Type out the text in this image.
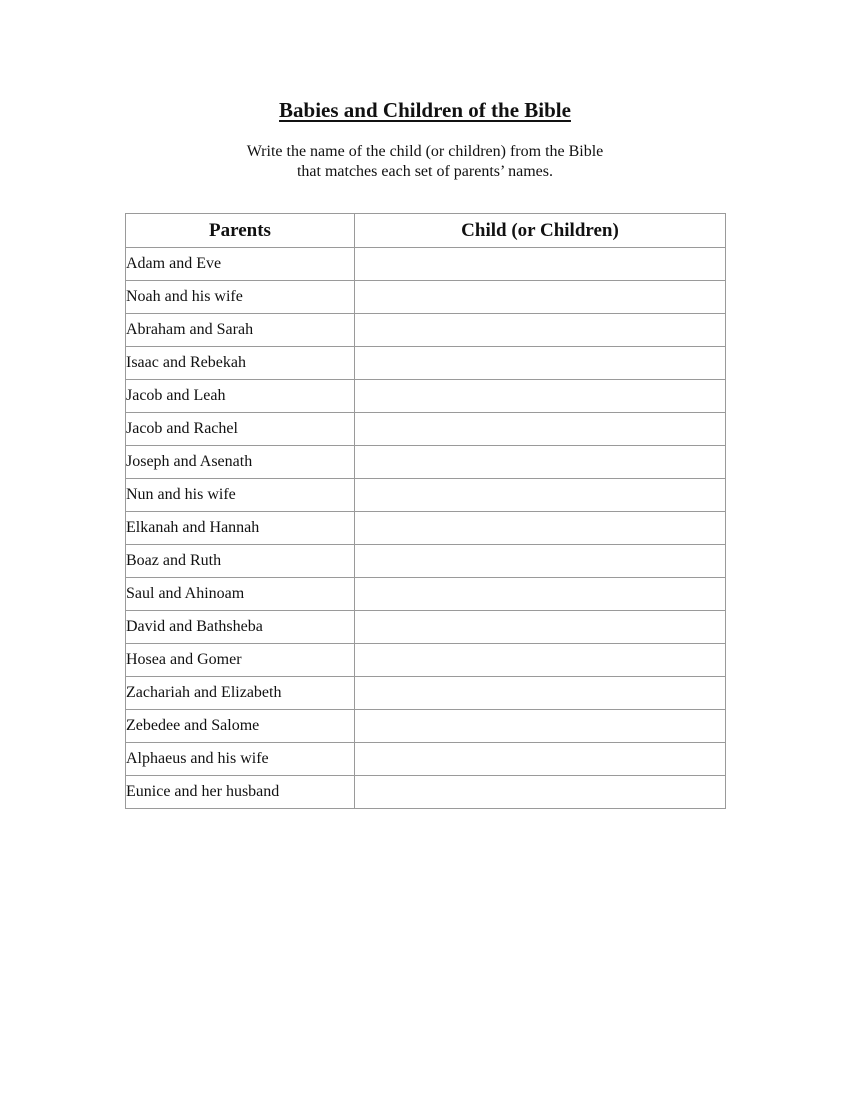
Babies and Children of the Bible
Write the name of the child (or children) from the Bible
that matches each set of parents’ names.
Parents	Child (or Children)
Adam and Eve	
Noah and his wife	
Abraham and Sarah	
Isaac and Rebekah	
Jacob and Leah	
Jacob and Rachel	
Joseph and Asenath	
Nun and his wife	
Elkanah and Hannah	
Boaz and Ruth	
Saul and Ahinoam	
David and Bathsheba	
Hosea and Gomer	
Zachariah and Elizabeth	
Zebedee and Salome	
Alphaeus and his wife	
Eunice and her husband	
